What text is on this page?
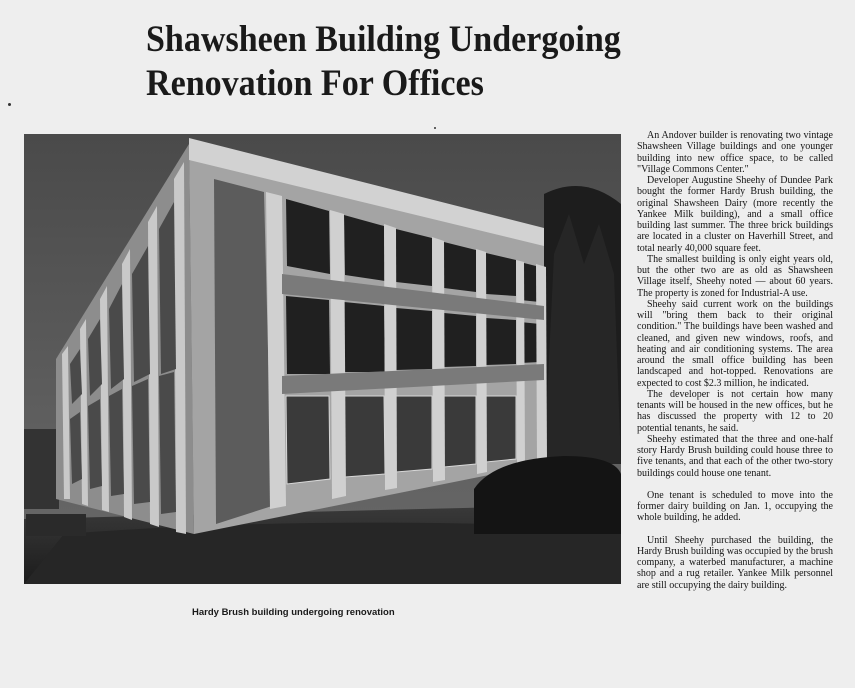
Shawsheen Building Undergoing
Renovation For Offices
Hardy Brush building undergoing renovation

An Andover builder is renovating two vintage Shawsheen Village buildings and one younger building into new office space, to be called "Village Commons Center."

Developer Augustine Sheehy of Dundee Park bought the former Hardy Brush building, the original Shawsheen Dairy (more recently the Yankee Milk building), and a small office building last summer. The three brick buildings are located in a cluster on Haverhill Street, and total nearly 40,000 square feet.

The smallest building is only eight years old, but the other two are as old as Shawsheen Village itself, Sheehy noted — about 60 years. The property is zoned for Industrial-A use.

Sheehy said current work on the buildings will "bring them back to their original condition." The buildings have been washed and cleaned, and given new windows, roofs, and heating and air conditioning systems. The area around the small office building has been landscaped and hot-topped. Renovations are expected to cost $2.3 million, he indicated.

The developer is not certain how many tenants will be housed in the new offices, but he has discussed the property with 12 to 20 potential tenants, he said.

Sheehy estimated that the three and one-half story Hardy Brush building could house three to five tenants, and that each of the other two-story buildings could house one tenant.

One tenant is scheduled to move into the former dairy building on Jan. 1, occupying the whole building, he added.

Until Sheehy purchased the building, the Hardy Brush building was occupied by the brush company, a waterbed manufacturer, a machine shop and a rug retailer. Yankee Milk personnel are still occupying the dairy building.
